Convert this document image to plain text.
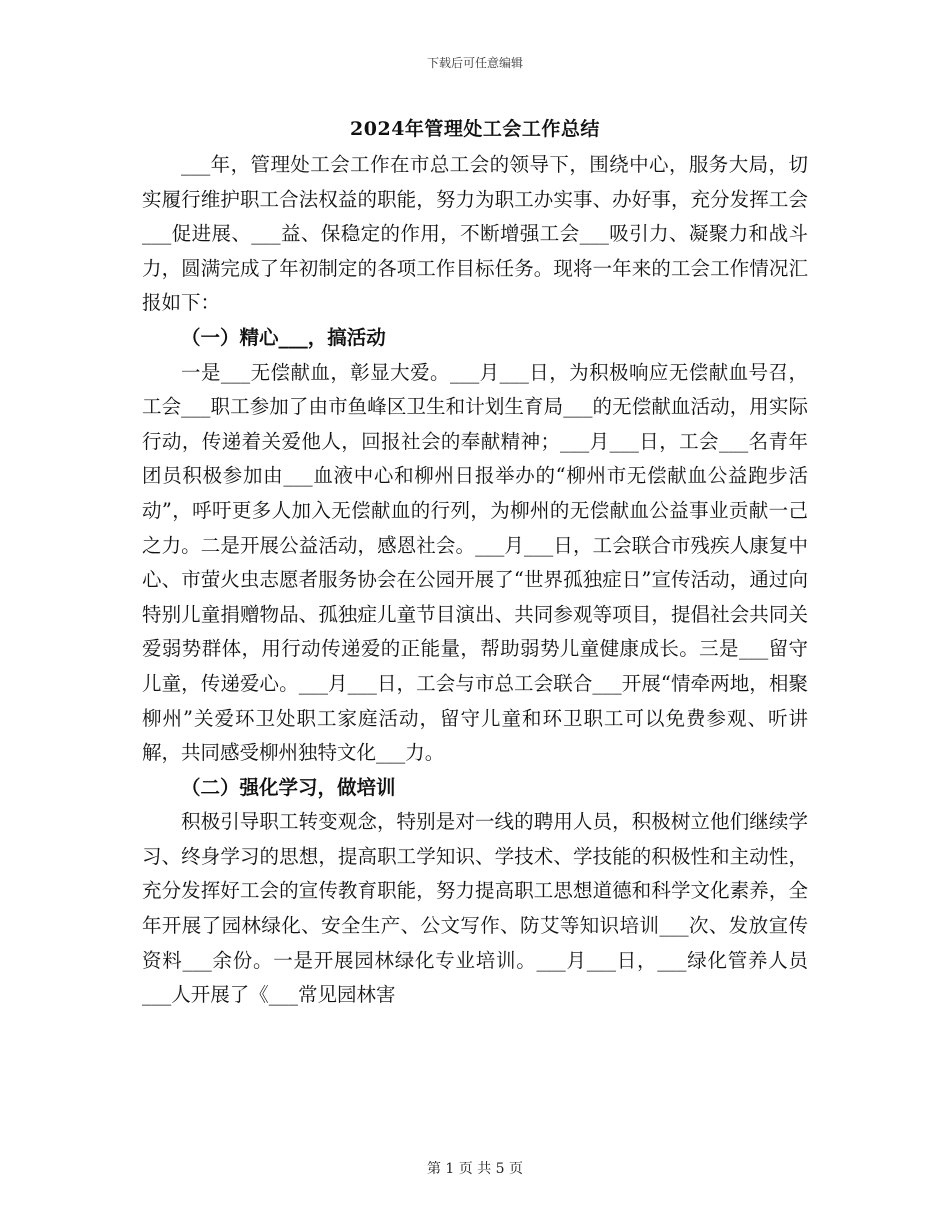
下载后可任意编辑
2024年管理处工会工作总结

___年，管理处工会工作在市总工会的领导下，围绕中心，服务大局，切实履行维护职工合法权益的职能，努力为职工办实事、办好事，充分发挥工会___促进展、___益、保稳定的作用，不断增强工会___吸引力、凝聚力和战斗力，圆满完成了年初制定的各项工作目标任务。现将一年来的工会工作情况汇报如下：

（一）精心___，搞活动

一是___无偿献血，彰显大爱。___月___日，为积极响应无偿献血号召，工会___职工参加了由市鱼峰区卫生和计划生育局___的无偿献血活动，用实际行动，传递着关爱他人，回报社会的奉献精神；___月___日，工会___名青年团员积极参加由___血液中心和柳州日报举办的“柳州市无偿献血公益跑步活动”，呼吁更多人加入无偿献血的行列，为柳州的无偿献血公益事业贡献一己之力。二是开展公益活动，感恩社会。___月___日，工会联合市残疾人康复中心、市萤火虫志愿者服务协会在公园开展了“世界孤独症日”宣传活动，通过向特别儿童捐赠物品、孤独症儿童节目演出、共同参观等项目，提倡社会共同关爱弱势群体，用行动传递爱的正能量，帮助弱势儿童健康成长。三是___留守儿童，传递爱心。___月___日，工会与市总工会联合___开展“情牵两地，相聚柳州”关爱环卫处职工家庭活动，留守儿童和环卫职工可以免费参观、听讲解，共同感受柳州独特文化___力。

（二）强化学习，做培训

积极引导职工转变观念，特别是对一线的聘用人员，积极树立他们继续学习、终身学习的思想，提高职工学知识、学技术、学技能的积极性和主动性，充分发挥好工会的宣传教育职能，努力提高职工思想道德和科学文化素养，全年开展了园林绿化、安全生产、公文写作、防艾等知识培训___次、发放宣传资料___余份。一是开展园林绿化专业培训。___月___日，___绿化管养人员___人开展了《___常见园林害

第 1 页 共 5 页
